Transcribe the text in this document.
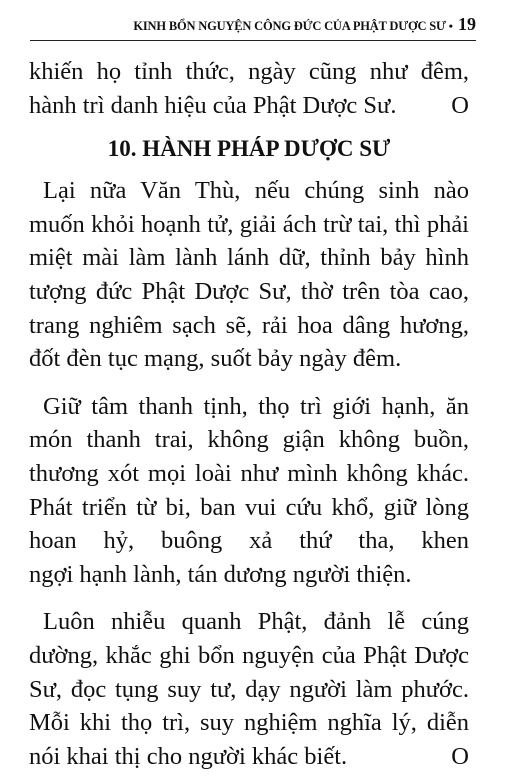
KINH BỔN NGUYỆN CÔNG ĐỨC CỦA PHẬT DƯỢC SƯ • 19

khiến họ tỉnh thức, ngày cũng như đêm,

hành trì danh hiệu của Phật Dược Sư. O
10. HÀNH PHÁP DƯỢC SƯ

Lại nữa Văn Thù, nếu chúng sinh nào muốn khỏi hoạnh tử, giải ách trừ tai, thì phải miệt mài làm lành lánh dữ, thỉnh bảy hình tượng đức Phật Dược Sư, thờ trên tòa cao, trang nghiêm sạch sẽ, rải hoa dâng hương,

đốt đèn tục mạng, suốt bảy ngày đêm.

Giữ tâm thanh tịnh, thọ trì giới hạnh, ăn món thanh trai, không giận không buồn, thương xót mọi loài như mình không khác. Phát triển từ bi, ban vui cứu khổ, giữ lòng hoan hỷ, buông xả thứ tha, khen

ngợi hạnh lành, tán dương người thiện.

Luôn nhiễu quanh Phật, đảnh lễ cúng dường, khắc ghi bổn nguyện của Phật Dược Sư, đọc tụng suy tư, dạy người làm phước. Mỗi khi thọ trì, suy nghiệm nghĩa lý, diễn

nói khai thị cho người khác biết.	O
